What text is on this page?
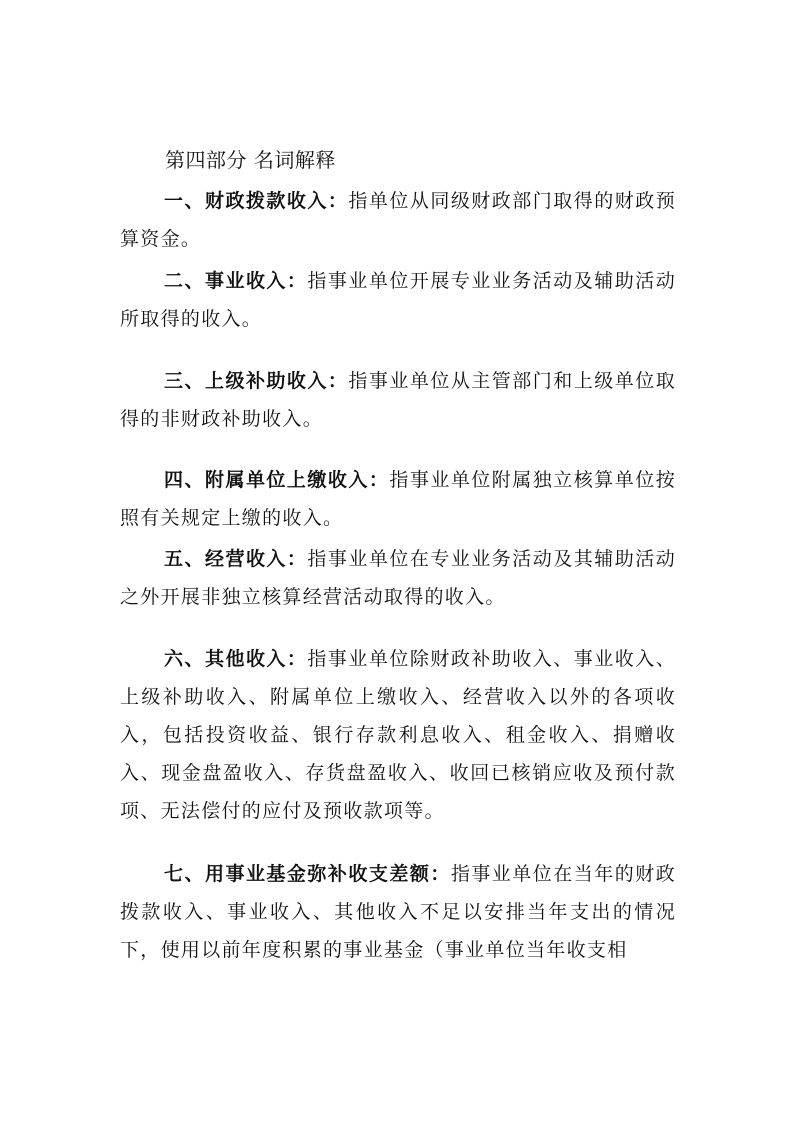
第四部分 名词解释

一、财政拨款收入：指单位从同级财政部门取得的财政预算资金。

二、事业收入：指事业单位开展专业业务活动及辅助活动所取得的收入。

三、上级补助收入：指事业单位从主管部门和上级单位取得的非财政补助收入。

四、附属单位上缴收入：指事业单位附属独立核算单位按照有关规定上缴的收入。

五、经营收入：指事业单位在专业业务活动及其辅助活动之外开展非独立核算经营活动取得的收入。

六、其他收入：指事业单位除财政补助收入、事业收入、上级补助收入、附属单位上缴收入、经营收入以外的各项收入，包括投资收益、银行存款利息收入、租金收入、捐赠收入、现金盘盈收入、存货盘盈收入、收回已核销应收及预付款项、无法偿付的应付及预收款项等。

七、用事业基金弥补收支差额：指事业单位在当年的财政拨款收入、事业收入、其他收入不足以安排当年支出的情况下，使用以前年度积累的事业基金（事业单位当年收支相
